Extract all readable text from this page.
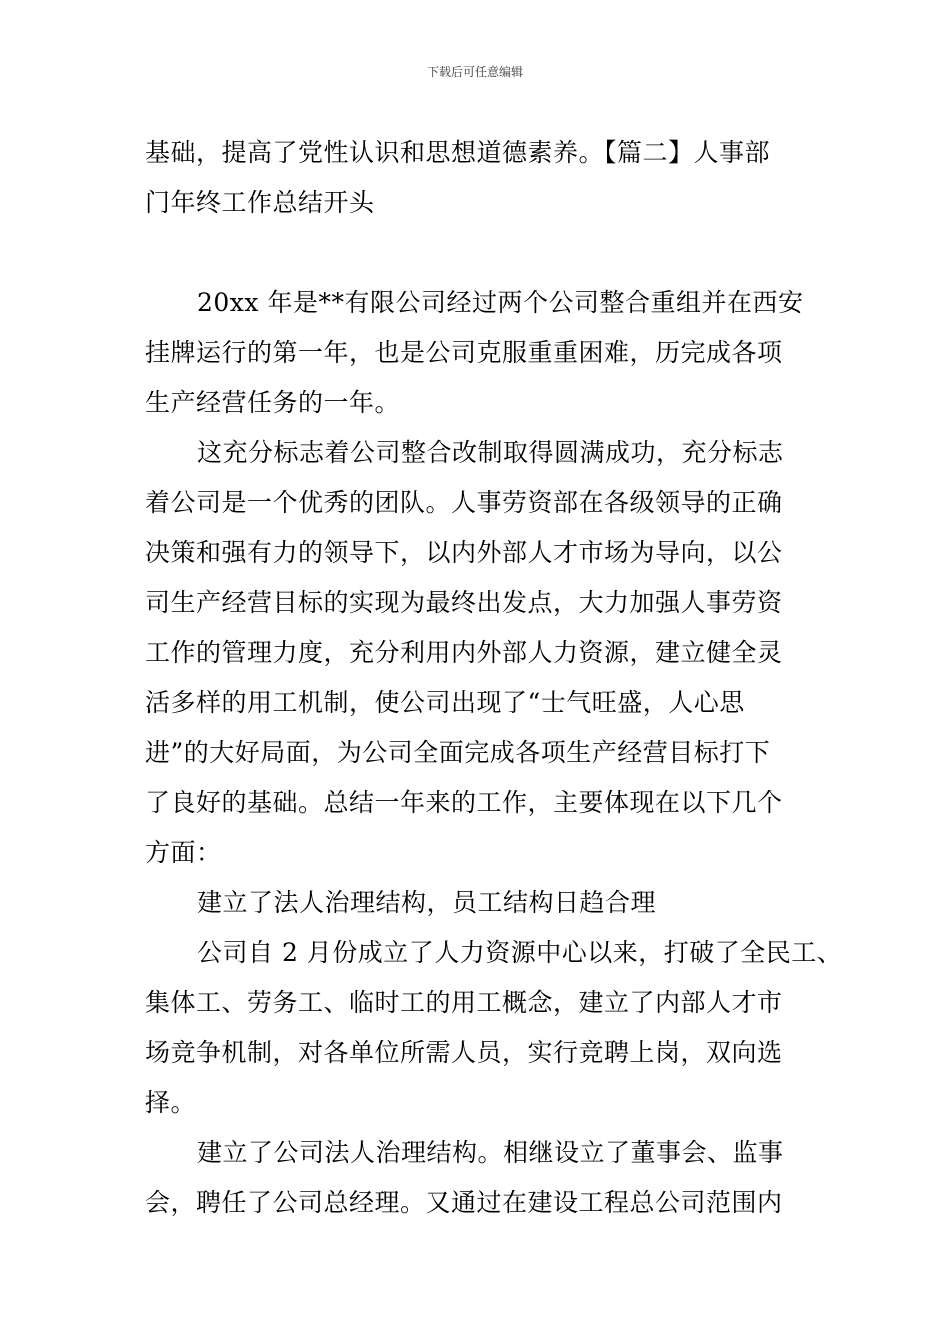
下载后可任意编辑
基础，提高了党性认识和思想道德素养。【篇二】人事部
门年终工作总结开头
20xx 年是**有限公司经过两个公司整合重组并在西安
挂牌运行的第一年，也是公司克服重重困难，历完成各项
生产经营任务的一年。
这充分标志着公司整合改制取得圆满成功，充分标志
着公司是一个优秀的团队。人事劳资部在各级领导的正确
决策和强有力的领导下，以内外部人才市场为导向，以公
司生产经营目标的实现为最终出发点，大力加强人事劳资
工作的管理力度，充分利用内外部人力资源，建立健全灵
活多样的用工机制，使公司出现了“士气旺盛，人心思
进”的大好局面，为公司全面完成各项生产经营目标打下
了良好的基础。总结一年来的工作，主要体现在以下几个
方面：
建立了法人治理结构，员工结构日趋合理
公司自 2 月份成立了人力资源中心以来，打破了全民工、
集体工、劳务工、临时工的用工概念，建立了内部人才市
场竞争机制，对各单位所需人员，实行竞聘上岗，双向选
择。
建立了公司法人治理结构。相继设立了董事会、监事
会，聘任了公司总经理。又通过在建设工程总公司范围内
